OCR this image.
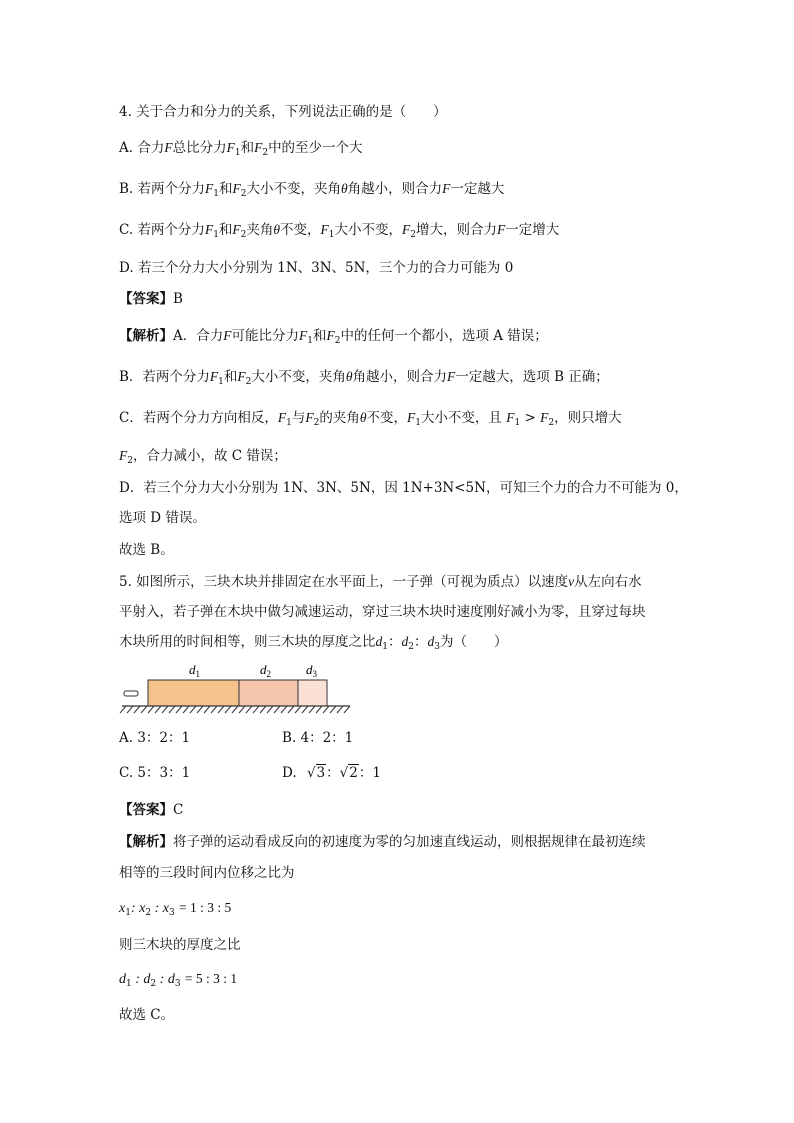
4. 关于合力和分力的关系，下列说法正确的是（　　）
A. 合力F总比分力$F_1$和$F_2$中的至少一个大
B. 若两个分力$F_1$和$F_2$大小不变，夹角θ角越小，则合力F一定越大
C. 若两个分力$F_1$和$F_2$夹角θ不变，$F_1$大小不变，$F_2$增大，则合力F一定增大
D. 若三个分力大小分别为 1N、3N、5N，三个力的合力可能为 0
【答案】B
【解析】A．合力F可能比分力$F_1$和$F_2$中的任何一个都小，选项 A 错误；
B．若两个分力$F_1$和$F_2$大小不变，夹角θ角越小，则合力F一定越大，选项 B 正确；
C．若两个分力方向相反，$F_1$与$F_2$的夹角θ不变，$F_1$大小不变，且 $F_1 > F_2$，则只增大
$F_2$，合力减小，故 C 错误；
D．若三个分力大小分别为 1N、3N、5N，因 1N+3N<5N，可知三个力的合力不可能为 0，
选项 D 错误。
故选 B。
5. 如图所示，三块木块并排固定在水平面上，一子弹（可视为质点）以速度v从左向右水
平射入，若子弹在木块中做匀减速运动，穿过三块木块时速度刚好减小为零，且穿过每块
木块所用的时间相等，则三木块的厚度之比$d_1$：$d_2$：$d_3$为（　　）
$d_1$	$d_2$	$d_3$
A. 3：2：1	B. 4：2：1
C. 5：3：1	D. √3：√2：1
【答案】C
【解析】将子弹的运动看成反向的初速度为零的匀加速直线运动，则根据规律在最初连续
相等的三段时间内位移之比为
$x_1$: $x_2$ : $x_3 = 1$ : 3 : 5
则三木块的厚度之比
$d_1$ : $d_2$ : $d_3 = 5$ : 3 : 1
故选 C。
